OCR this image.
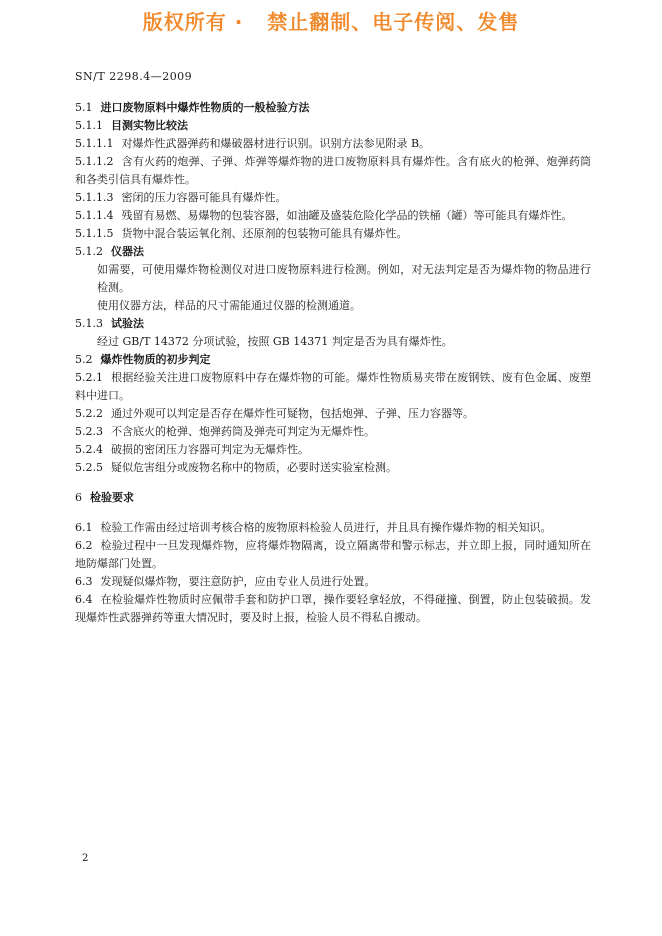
版权所有 ·   禁止翻制、电子传阅、发售
SN/T 2298.4—2009

5.1 进口废物原料中爆炸性物质的一般检验方法

5.1.1 目测实物比较法

5.1.1.1 对爆炸性武器弹药和爆破器材进行识别。识别方法参见附录 B。

5.1.1.2 含有火药的炮弹、子弹、炸弹等爆炸物的进口废物原料具有爆炸性。含有底火的枪弹、炮弹药筒和各类引信具有爆炸性。

5.1.1.3 密闭的压力容器可能具有爆炸性。

5.1.1.4 残留有易燃、易爆物的包装容器，如油罐及盛装危险化学品的铁桶（罐）等可能具有爆炸性。

5.1.1.5 货物中混合装运氧化剂、还原剂的包装物可能具有爆炸性。

5.1.2 仪器法

如需要，可使用爆炸物检测仪对进口废物原料进行检测。例如，对无法判定是否为爆炸物的物品进行检测。

使用仪器方法，样品的尺寸需能通过仪器的检测通道。

5.1.3 试验法

经过 GB/T 14372 分项试验，按照 GB 14371 判定是否为具有爆炸性。

5.2 爆炸性物质的初步判定

5.2.1 根据经验关注进口废物原料中存在爆炸物的可能。爆炸性物质易夹带在废钢铁、废有色金属、废塑料中进口。

5.2.2 通过外观可以判定是否存在爆炸性可疑物，包括炮弹、子弹、压力容器等。

5.2.3 不含底火的枪弹、炮弹药筒及弹壳可判定为无爆炸性。

5.2.4 破损的密闭压力容器可判定为无爆炸性。

5.2.5 疑似危害组分或废物名称中的物质，必要时送实验室检测。

6 检验要求

6.1 检验工作需由经过培训考核合格的废物原料检验人员进行，并且具有操作爆炸物的相关知识。

6.2 检验过程中一旦发现爆炸物，应将爆炸物隔离，设立隔离带和警示标志，并立即上报，同时通知所在地防爆部门处置。

6.3 发现疑似爆炸物，要注意防护，应由专业人员进行处置。

6.4 在检验爆炸性物质时应佩带手套和防护口罩，操作要轻拿轻放，不得碰撞、倒置，防止包装破损。发现爆炸性武器弹药等重大情况时，要及时上报，检验人员不得私自搬动。

2
